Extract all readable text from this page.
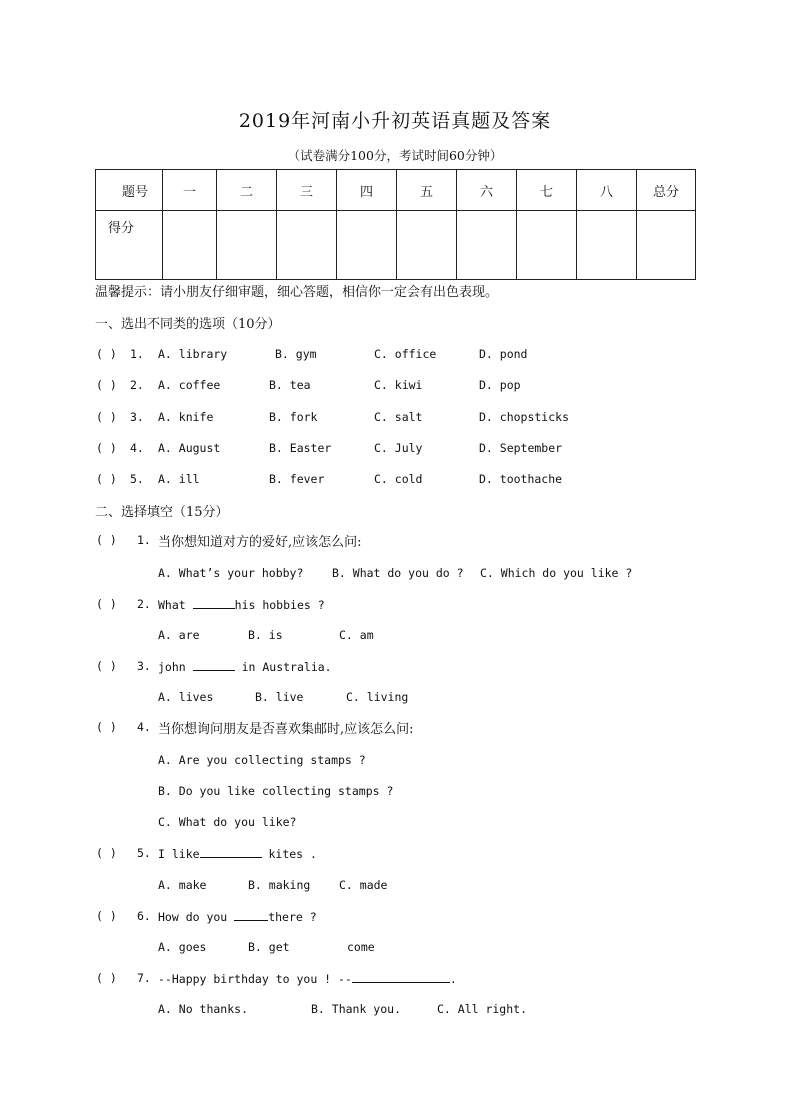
2019年河南小升初英语真题及答案
（试卷满分100分，考试时间60分钟）
题号	一	二	三	四	五	六	七	八	总分
得分									
温馨提示：请小朋友仔细审题，细心答题，相信你一定会有出色表现。
一、选出不同类的选项（10分）
( ) 1. A. library	B. gym	C. office	D. pond
( ) 2. A. coffee	B. tea	C. kiwi	D. pop
( ) 3. A. knife	B. fork	C. salt	D. chopsticks
( ) 4. A. August	B. Easter	C. July	D. September
( ) 5. A. ill	B. fever	C. cold	D. toothache
二、选择填空（15分）
( ) 1. 当你想知道对方的爱好,应该怎么问:
A. What’s your hobby? B. What do you do ? C. Which do you like ?
( ) 2. What	his hobbies ?
A. are	B. is	C. am
( ) 3. john	in Australia.
A. lives	B. live	C. living
( ) 4. 当你想询问朋友是否喜欢集邮时,应该怎么问:
A. Are you collecting stamps ?
B. Do you like collecting stamps ?
C. What do you like?
( ) 5. I like	kites .
A. make	B. making C. made
( ) 6. How do you	there ?
A. goes	B. get	come
( ) 7. --Happy birthday to you ! --	.
A. No thanks.	B. Thank you.	C. All right.
